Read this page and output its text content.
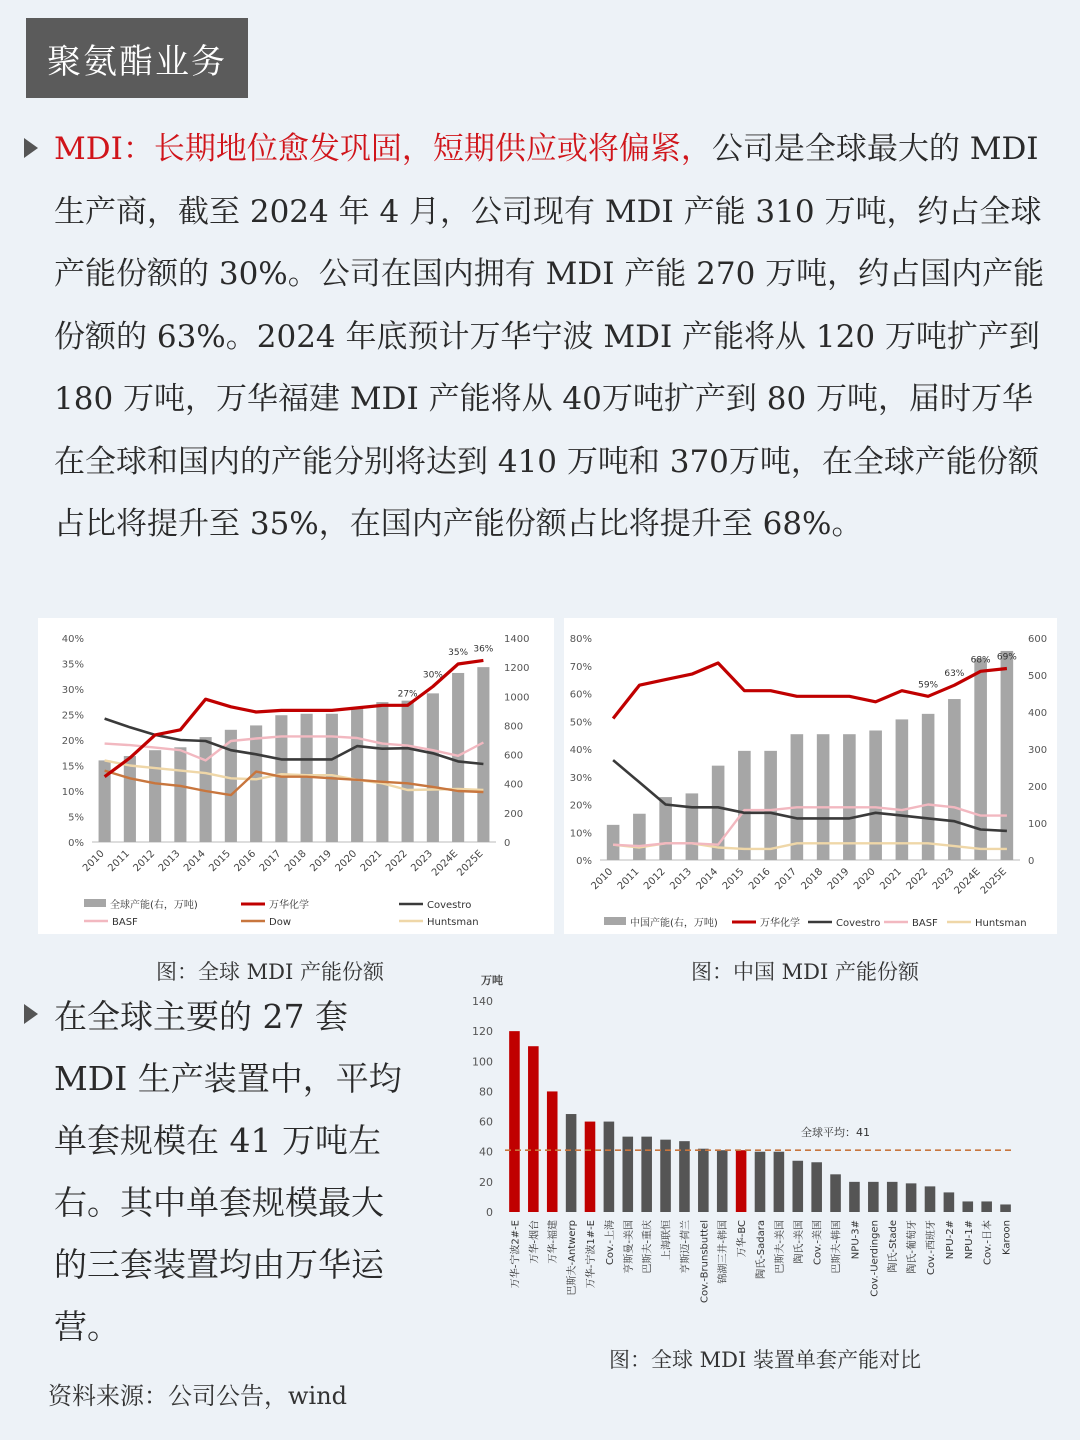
聚氨酯业务
MDI：长期地位愈发巩固，短期供应或将偏紧，公司是全球最大的 MDI 生产商，截至 2024 年 4 月，公司现有 MDI 产能 310 万吨，约占全球产能份额的 30%。公司在国内拥有 MDI 产能 270 万吨，约占国内产能份额的 63%。2024 年底预计万华宁波 MDI 产能将从 120 万吨扩产到 180 万吨，万华福建 MDI 产能将从 40万吨扩产到 80 万吨，届时万华在全球和国内的产能分别将达到 410 万吨和 370万吨，在全球产能份额占比将提升至 35%，在国内产能份额占比将提升至 68%。
0%
5%
10%
15%
20%
25%
30%
35%
40%
0
200
400
600
800
1000
1200
1400
27%
30%
35% 36%
2010 2011 2012 2013 2014 2015 2016 2017 2018 2019 2020 2021 2022 2023
2024E
2025E
全球产能(右，万吨)	万华化学	Covestro
BASF	Dow	Huntsman
0%
10%
20%
30%
40%
50%
60%
70%
80%
0
100
200
300
400
500
600
59%
63%
68% 69%
2010 2011 2012 2013 2014 2015 2016 2017 2018 2019 2020 2021 2022 2023
2024E
2025E
中国产能(右，万吨)	万华化学	Covestro	BASF	Huntsman
图：全球 MDI 产能份额	图：中国 MDI 产能份额
在全球主要的 27 套 MDI 生产装置中，平均单套规模在 41 万吨左右。其中单套规模最大的三套装置均由万华运营。
万吨
0
20
40
60
80
100
120
140
全球平均：41
万华-宁波2#-E 万华-烟台 万华-福建 巴斯夫-Antwerp 万华-宁波1#-E Cov.-上海 亨斯曼-美国 巴斯夫-重庆 上海联恒 亨斯迈-荷兰 Cov.-Brunsbuttel 锦湖三井-韩国 万华-BC 陶氏-Sadara 巴斯夫-美国 陶氏-美国 Cov.-美国 巴斯夫-韩国 NPU-3# Cov.-Uerdingen 陶氏-Stade 陶氏-葡萄牙 Cov.-西班牙 NPU-2# NPU-1# Cov.-日本 Karoon
图：全球 MDI 装置单套产能对比
资料来源：公司公告，wind
